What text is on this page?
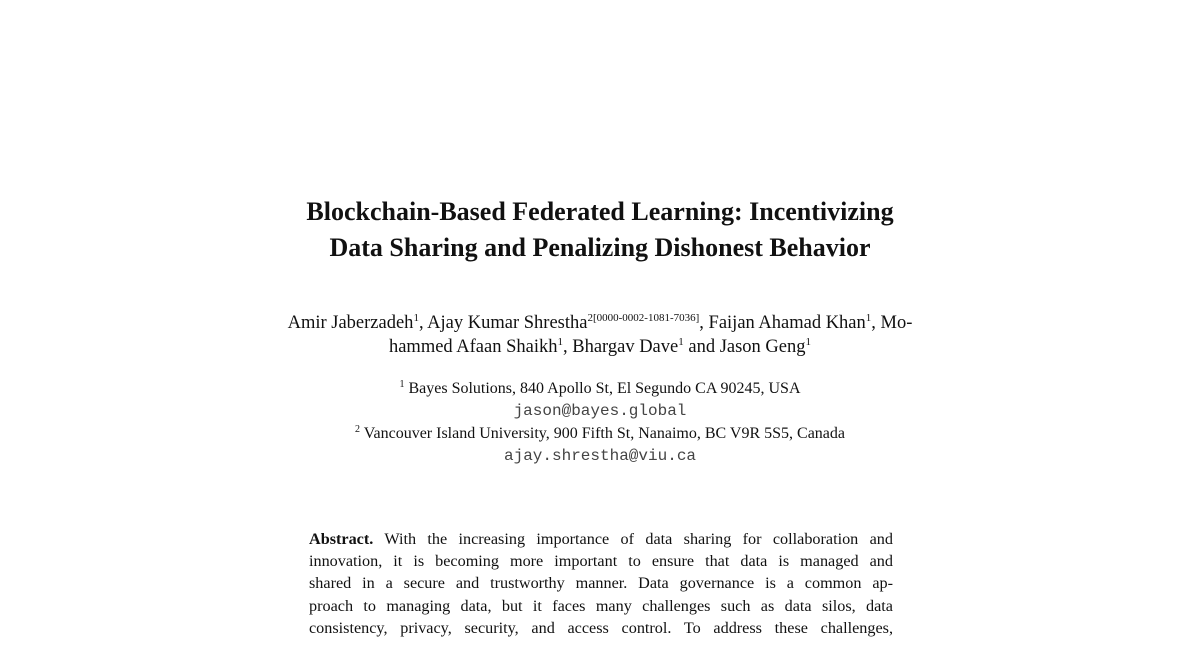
Blockchain-Based Federated Learning: Incentivizing
Data Sharing and Penalizing Dishonest Behavior
Amir Jaberzadeh$^1$, Ajay Kumar Shrestha$^{2[0000-0002-1081-7036]}$, Faijan Ahamad Khan$^1$, Mo-
hammed Afaan Shaikh$^1$, Bhargav Dave$^1$ and Jason Geng$^1$
$^1$ Bayes Solutions, 840 Apollo St, El Segundo CA 90245, USA
jason@bayes.global
$^2$ Vancouver Island University, 900 Fifth St, Nanaimo, BC V9R 5S5, Canada
ajay.shrestha@viu.ca
Abstract. With the increasing importance of data sharing for collaboration and
innovation, it is becoming more important to ensure that data is managed and
shared in a secure and trustworthy manner. Data governance is a common ap-
proach to managing data, but it faces many challenges such as data silos, data
consistency, privacy, security, and access control. To address these challenges,
